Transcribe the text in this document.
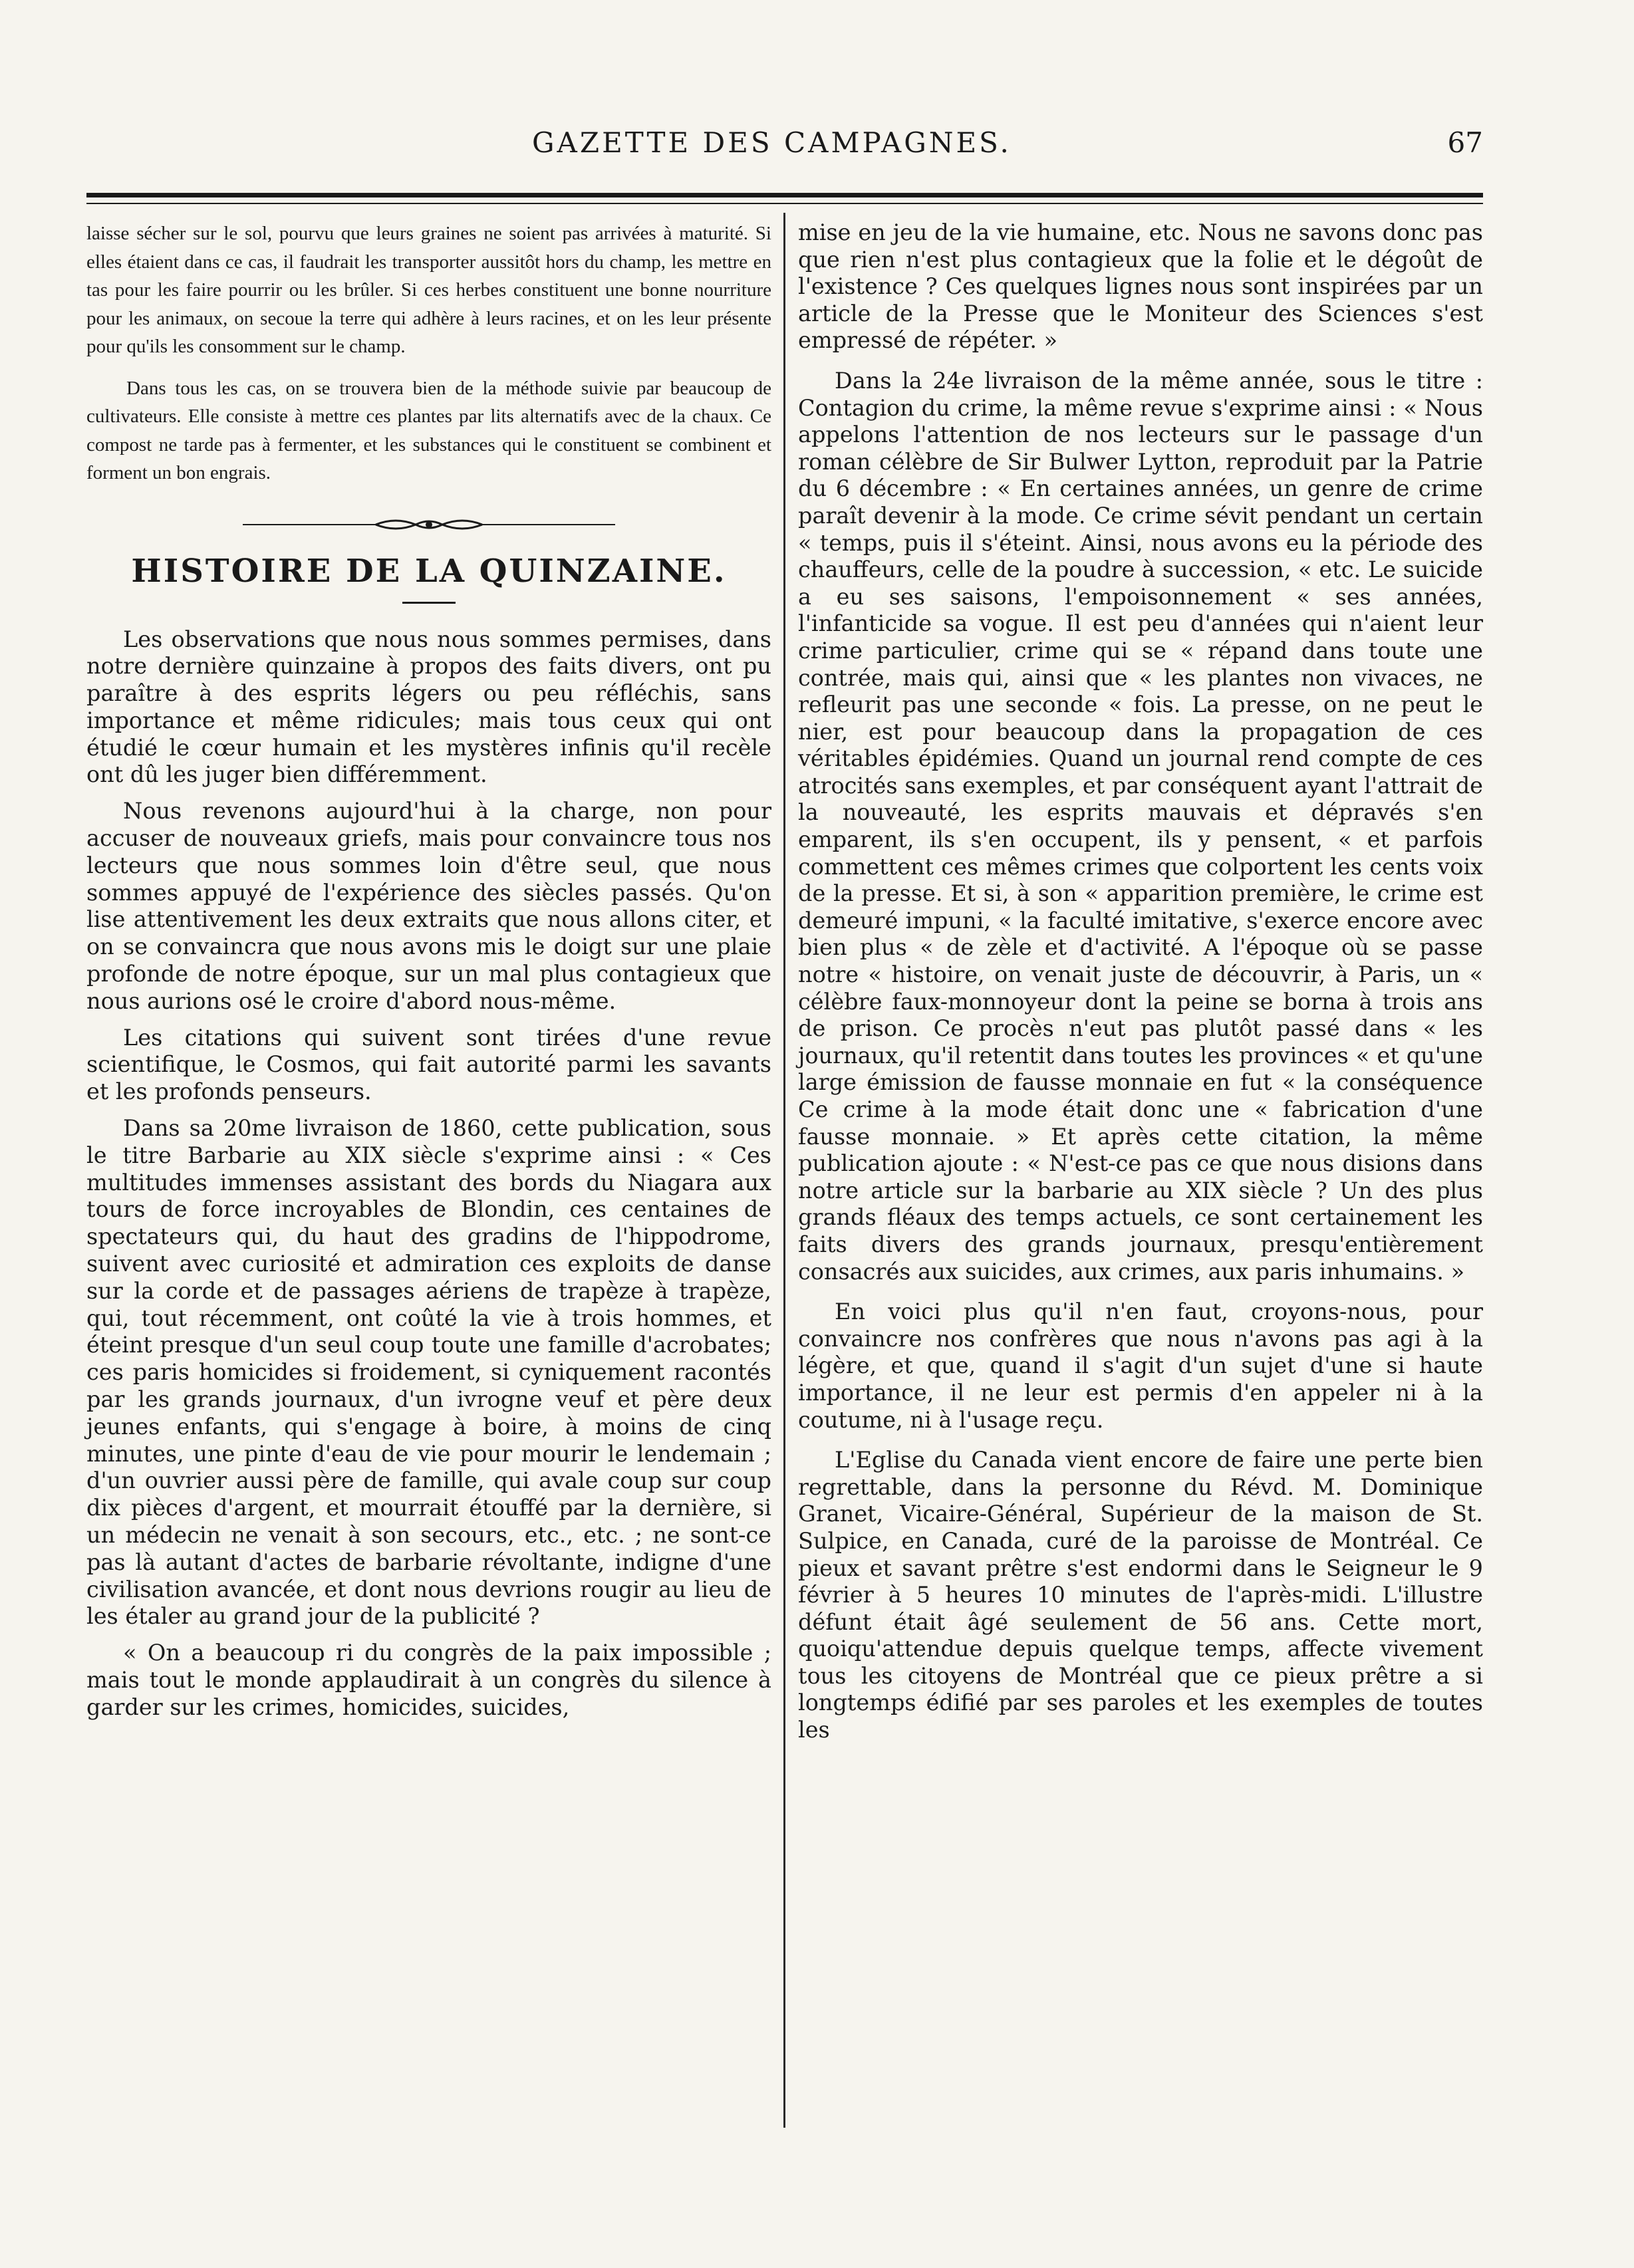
GAZETTE DES CAMPAGNES.	67

laisse sécher sur le sol, pourvu que leurs graines ne soient pas arrivées à maturité. Si elles étaient dans ce cas, il faudrait les transporter aussitôt hors du champ, les mettre en tas pour les faire pourrir ou les brûler. Si ces herbes constituent une bonne nourriture pour les animaux, on secoue la terre qui adhère à leurs racines, et on les leur présente pour qu'ils les consomment sur le champ.

Dans tous les cas, on se trouvera bien de la méthode suivie par beaucoup de cultivateurs. Elle consiste à mettre ces plantes par lits alternatifs avec de la chaux. Ce compost ne tarde pas à fermenter, et les substances qui le constituent se combinent et forment un bon engrais.

HISTOIRE DE LA QUINZAINE.

Les observations que nous nous sommes permises, dans notre dernière quinzaine à propos des faits divers, ont pu paraître à des esprits légers ou peu réfléchis, sans importance et même ridicules; mais tous ceux qui ont étudié le cœur humain et les mystères infinis qu'il recèle ont dû les juger bien différemment.

Nous revenons aujourd'hui à la charge, non pour accuser de nouveaux griefs, mais pour convaincre tous nos lecteurs que nous sommes loin d'être seul, que nous sommes appuyé de l'expérience des siècles passés. Qu'on lise attentivement les deux extraits que nous allons citer, et on se convaincra que nous avons mis le doigt sur une plaie profonde de notre époque, sur un mal plus contagieux que nous aurions osé le croire d'abord nous-même.

Les citations qui suivent sont tirées d'une revue scientifique, le Cosmos, qui fait autorité parmi les savants et les profonds penseurs.

Dans sa 20me livraison de 1860, cette publication, sous le titre Barbarie au XIX siècle s'exprime ainsi : « Ces multitudes immenses assistant des bords du Niagara aux tours de force incroyables de Blondin, ces centaines de spectateurs qui, du haut des gradins de l'hippodrome, suivent avec curiosité et admiration ces exploits de danse sur la corde et de passages aériens de trapèze à trapèze, qui, tout récemment, ont coûté la vie à trois hommes, et éteint presque d'un seul coup toute une famille d'acrobates; ces paris homicides si froidement, si cyniquement racontés par les grands journaux, d'un ivrogne veuf et père deux jeunes enfants, qui s'engage à boire, à moins de cinq minutes, une pinte d'eau de vie pour mourir le lendemain ; d'un ouvrier aussi père de famille, qui avale coup sur coup dix pièces d'argent, et mourrait étouffé par la dernière, si un médecin ne venait à son secours, etc., etc. ; ne sont-ce pas là autant d'actes de barbarie révoltante, indigne d'une civilisation avancée, et dont nous devrions rougir au lieu de les étaler au grand jour de la publicité ?

« On a beaucoup ri du congrès de la paix impossible ; mais tout le monde applaudirait à un congrès du silence à garder sur les crimes, homicides, suicides,

mise en jeu de la vie humaine, etc. Nous ne savons donc pas que rien n'est plus contagieux que la folie et le dégoût de l'existence ? Ces quelques lignes nous sont inspirées par un article de la Presse que le Moniteur des Sciences s'est empressé de répéter. »

Dans la 24e livraison de la même année, sous le titre : Contagion du crime, la même revue s'exprime ainsi : « Nous appelons l'attention de nos lecteurs sur le passage d'un roman célèbre de Sir Bulwer Lytton, reproduit par la Patrie du 6 décembre : « En certaines années, un genre de crime paraît devenir à la mode. Ce crime sévit pendant un certain « temps, puis il s'éteint. Ainsi, nous avons eu la période des chauffeurs, celle de la poudre à succession, « etc. Le suicide a eu ses saisons, l'empoisonnement « ses années, l'infanticide sa vogue. Il est peu d'années qui n'aient leur crime particulier, crime qui se « répand dans toute une contrée, mais qui, ainsi que « les plantes non vivaces, ne refleurit pas une seconde « fois. La presse, on ne peut le nier, est pour beaucoup dans la propagation de ces véritables épidémies. Quand un journal rend compte de ces atrocités sans exemples, et par conséquent ayant l'attrait de la nouveauté, les esprits mauvais et dépravés s'en emparent, ils s'en occupent, ils y pensent, « et parfois commettent ces mêmes crimes que colportent les cents voix de la presse. Et si, à son « apparition première, le crime est demeuré impuni, « la faculté imitative, s'exerce encore avec bien plus « de zèle et d'activité. A l'époque où se passe notre « histoire, on venait juste de découvrir, à Paris, un « célèbre faux-monnoyeur dont la peine se borna à trois ans de prison. Ce procès n'eut pas plutôt passé dans « les journaux, qu'il retentit dans toutes les provinces « et qu'une large émission de fausse monnaie en fut « la conséquence Ce crime à la mode était donc une « fabrication d'une fausse monnaie. » Et après cette citation, la même publication ajoute : « N'est-ce pas ce que nous disions dans notre article sur la barbarie au XIX siècle ? Un des plus grands fléaux des temps actuels, ce sont certainement les faits divers des grands journaux, presqu'entièrement consacrés aux suicides, aux crimes, aux paris inhumains. »

En voici plus qu'il n'en faut, croyons-nous, pour convaincre nos confrères que nous n'avons pas agi à la légère, et que, quand il s'agit d'un sujet d'une si haute importance, il ne leur est permis d'en appeler ni à la coutume, ni à l'usage reçu.

L'Eglise du Canada vient encore de faire une perte bien regrettable, dans la personne du Révd. M. Dominique Granet, Vicaire-Général, Supérieur de la maison de St. Sulpice, en Canada, curé de la paroisse de Montréal. Ce pieux et savant prêtre s'est endormi dans le Seigneur le 9 février à 5 heures 10 minutes de l'après-midi. L'illustre défunt était âgé seulement de 56 ans. Cette mort, quoiqu'attendue depuis quelque temps, affecte vivement tous les citoyens de Montréal que ce pieux prêtre a si longtemps édifié par ses paroles et les exemples de toutes les
